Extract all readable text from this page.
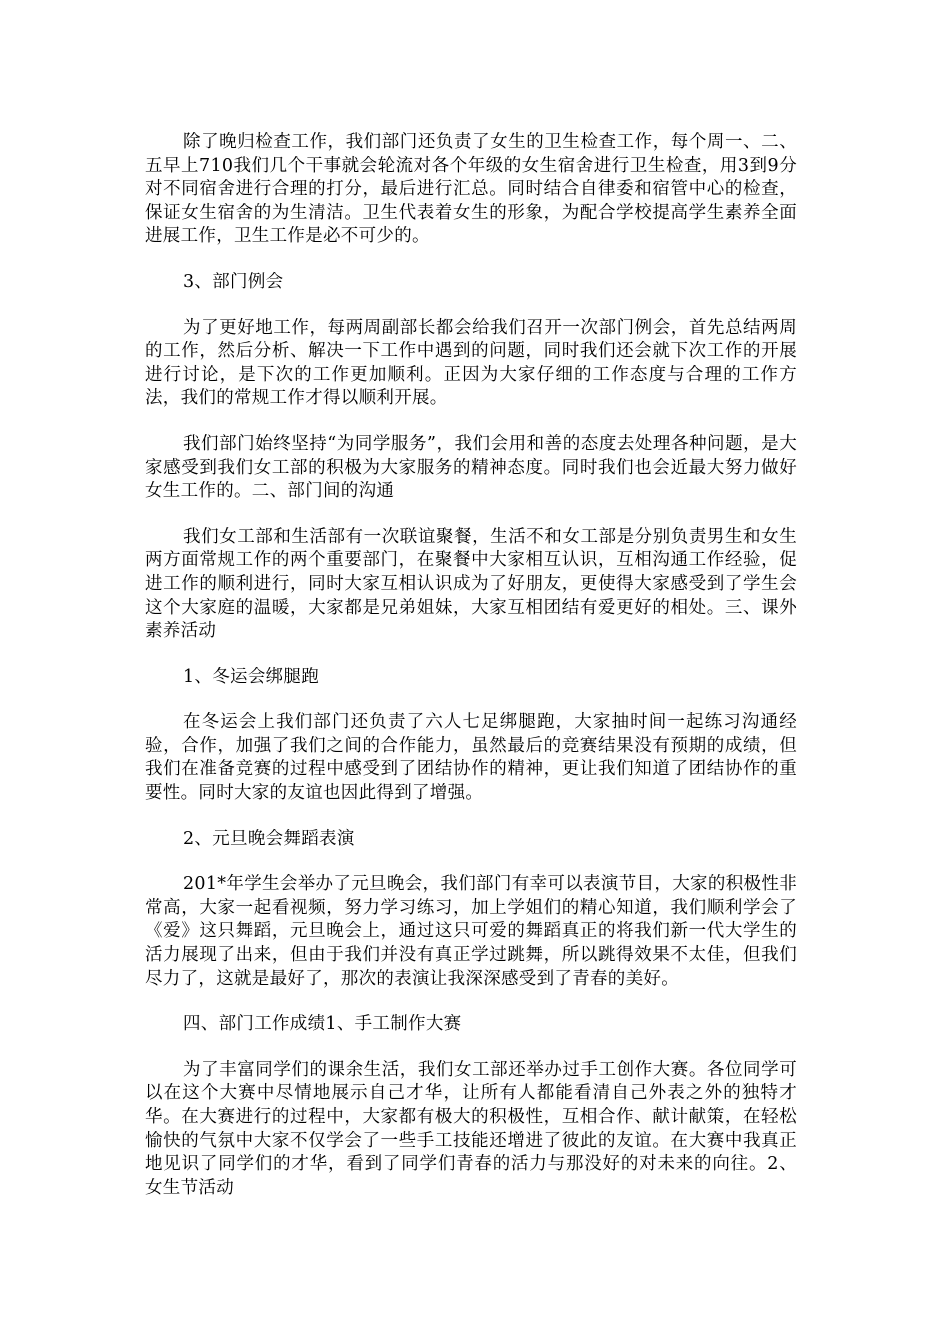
除了晚归检查工作，我们部门还负责了女生的卫生检查工作，每个周一、二、五早上710我们几个干事就会轮流对各个年级的女生宿舍进行卫生检查，用3到9分对不同宿舍进行合理的打分，最后进行汇总。同时结合自律委和宿管中心的检查，保证女生宿舍的为生清洁。卫生代表着女生的形象，为配合学校提高学生素养全面进展工作，卫生工作是必不可少的。

3、部门例会

为了更好地工作，每两周副部长都会给我们召开一次部门例会，首先总结两周的工作，然后分析、解决一下工作中遇到的问题，同时我们还会就下次工作的开展进行讨论，是下次的工作更加顺利。正因为大家仔细的工作态度与合理的工作方法，我们的常规工作才得以顺利开展。

我们部门始终坚持“为同学服务”，我们会用和善的态度去处理各种问题，是大家感受到我们女工部的积极为大家服务的精神态度。同时我们也会近最大努力做好女生工作的。二、部门间的沟通

我们女工部和生活部有一次联谊聚餐，生活不和女工部是分别负责男生和女生两方面常规工作的两个重要部门，在聚餐中大家相互认识，互相沟通工作经验，促进工作的顺利进行，同时大家互相认识成为了好朋友，更使得大家感受到了学生会这个大家庭的温暖，大家都是兄弟姐妹，大家互相团结有爱更好的相处。三、课外素养活动

1、冬运会绑腿跑

在冬运会上我们部门还负责了六人七足绑腿跑，大家抽时间一起练习沟通经验，合作，加强了我们之间的合作能力，虽然最后的竞赛结果没有预期的成绩，但我们在准备竞赛的过程中感受到了团结协作的精神，更让我们知道了团结协作的重要性。同时大家的友谊也因此得到了增强。

2、元旦晚会舞蹈表演

201*年学生会举办了元旦晚会，我们部门有幸可以表演节目，大家的积极性非常高，大家一起看视频，努力学习练习，加上学姐们的精心知道，我们顺利学会了《爱》这只舞蹈，元旦晚会上，通过这只可爱的舞蹈真正的将我们新一代大学生的活力展现了出来，但由于我们并没有真正学过跳舞，所以跳得效果不太佳，但我们尽力了，这就是最好了，那次的表演让我深深感受到了青春的美好。

四、部门工作成绩1、手工制作大赛

为了丰富同学们的课余生活，我们女工部还举办过手工创作大赛。各位同学可以在这个大赛中尽情地展示自己才华，让所有人都能看清自己外表之外的独特才华。在大赛进行的过程中，大家都有极大的积极性，互相合作、献计献策，在轻松愉快的气氛中大家不仅学会了一些手工技能还增进了彼此的友谊。在大赛中我真正地见识了同学们的才华，看到了同学们青春的活力与那没好的对未来的向往。2、女生节活动
